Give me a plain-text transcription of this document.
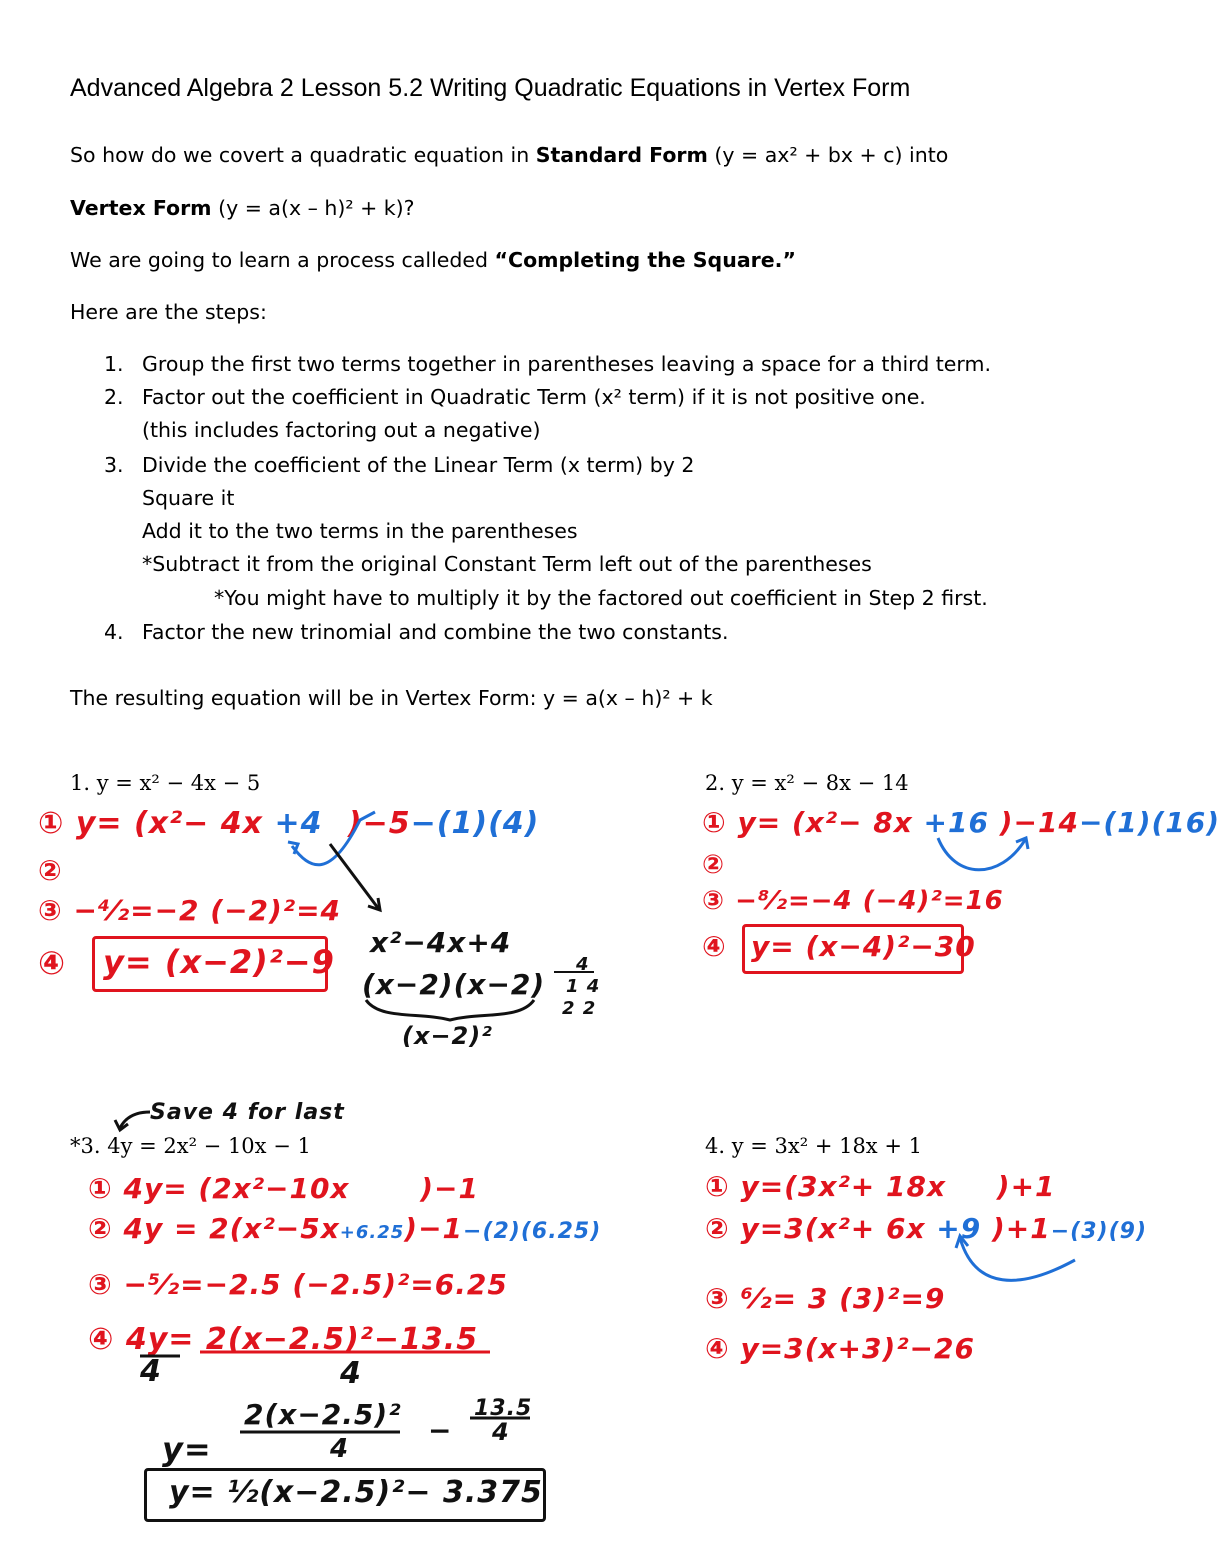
Advanced Algebra 2 Lesson 5.2 Writing Quadratic Equations in Vertex Form
So how do we covert a quadratic equation in Standard Form (y = ax² + bx + c) into
Vertex Form (y = a(x – h)² + k)?
We are going to learn a process calleded “Completing the Square.”
Here are the steps:
1. Group the first two terms together in parentheses leaving a space for a third term.
2. Factor out the coefficient in Quadratic Term (x² term) if it is not positive one.
(this includes factoring out a negative)
3. Divide the coefficient of the Linear Term (x term) by 2
Square it
Add it to the two terms in the parentheses
*Subtract it from the original Constant Term left out of the parentheses
*You might have to multiply it by the factored out coefficient in Step 2 first.
4. Factor the new trinomial and combine the two constants.
The resulting equation will be in Vertex Form: y = a(x – h)² + k
1. y = x² − 4x − 5
① y= (x²− 4x +4 )−5−(1)(4)
②
③ −⁴⁄₂=−2 (−2)²=4
④ y= (x−2)²−9
x²−4x+4
(x−2)(x−2)
(x−2)²
4
1 4
2 2
2. y = x² − 8x − 14
① y= (x²− 8x +16 )−14−(1)(16)
②
③ −⁸⁄₂=−4 (−4)²=16
④ y= (x−4)²−30
Save 4 for last
*3. 4y = 2x² − 10x − 1
① 4y= (2x²−10x	)−1
② 4y = 2(x²−5x+6.25)−1−(2)(6.25)
③ −⁵⁄₂=−2.5 (−2.5)²=6.25
④ 4y= 2(x−2.5)²−13.5
4	4
y=
2(x−2.5)²
4
−
13.5
4
y= ½(x−2.5)²− 3.375
4. y = 3x² + 18x + 1
① y=(3x²+ 18x )+1
② y=3(x²+ 6x +9 )+1−(3)(9)
③ ⁶⁄₂= 3 (3)²=9
④ y=3(x+3)²−26
